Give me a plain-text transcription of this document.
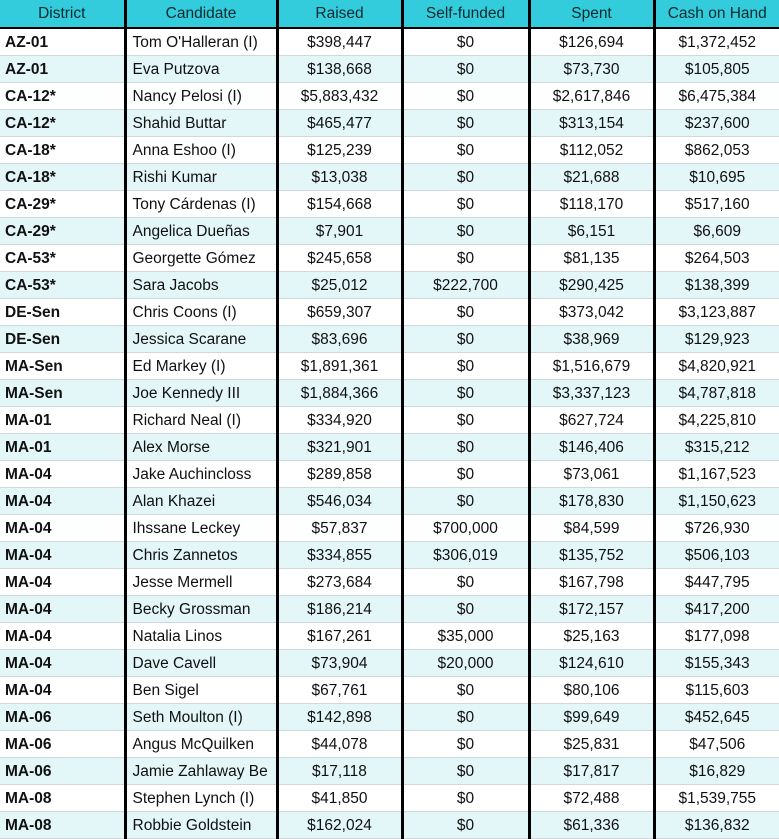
District	Candidate	Raised	Self-funded	Spent	Cash on Hand
AZ-01	Tom O'Halleran (I)	$398,447	$0	$126,694	$1,372,452
AZ-01	Eva Putzova	$138,668	$0	$73,730	$105,805
CA-12*	Nancy Pelosi (I)	$5,883,432	$0	$2,617,846	$6,475,384
CA-12*	Shahid Buttar	$465,477	$0	$313,154	$237,600
CA-18*	Anna Eshoo (I)	$125,239	$0	$112,052	$862,053
CA-18*	Rishi Kumar	$13,038	$0	$21,688	$10,695
CA-29*	Tony Cárdenas (I)	$154,668	$0	$118,170	$517,160
CA-29*	Angelica Dueñas	$7,901	$0	$6,151	$6,609
CA-53*	Georgette Gómez	$245,658	$0	$81,135	$264,503
CA-53*	Sara Jacobs	$25,012	$222,700	$290,425	$138,399
DE-Sen	Chris Coons (I)	$659,307	$0	$373,042	$3,123,887
DE-Sen	Jessica Scarane	$83,696	$0	$38,969	$129,923
MA-Sen	Ed Markey (I)	$1,891,361	$0	$1,516,679	$4,820,921
MA-Sen	Joe Kennedy III	$1,884,366	$0	$3,337,123	$4,787,818
MA-01	Richard Neal (I)	$334,920	$0	$627,724	$4,225,810
MA-01	Alex Morse	$321,901	$0	$146,406	$315,212
MA-04	Jake Auchincloss	$289,858	$0	$73,061	$1,167,523
MA-04	Alan Khazei	$546,034	$0	$178,830	$1,150,623
MA-04	Ihssane Leckey	$57,837	$700,000	$84,599	$726,930
MA-04	Chris Zannetos	$334,855	$306,019	$135,752	$506,103
MA-04	Jesse Mermell	$273,684	$0	$167,798	$447,795
MA-04	Becky Grossman	$186,214	$0	$172,157	$417,200
MA-04	Natalia Linos	$167,261	$35,000	$25,163	$177,098
MA-04	Dave Cavell	$73,904	$20,000	$124,610	$155,343
MA-04	Ben Sigel	$67,761	$0	$80,106	$115,603
MA-06	Seth Moulton (I)	$142,898	$0	$99,649	$452,645
MA-06	Angus McQuilken	$44,078	$0	$25,831	$47,506
MA-06	Jamie Zahlaway Be	$17,118	$0	$17,817	$16,829
MA-08	Stephen Lynch (I)	$41,850	$0	$72,488	$1,539,755
MA-08	Robbie Goldstein	$162,024	$0	$61,336	$136,832
